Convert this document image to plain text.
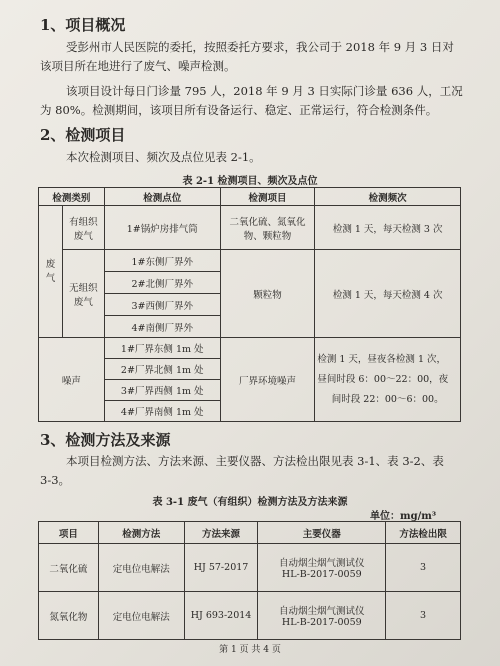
1、项目概况
受彭州市人民医院的委托，按照委托方要求，我公司于 2018 年 9 月 3 日对
该项目所在地进行了废气、噪声检测。
该项目设计每日门诊量 795 人，2018 年 9 月 3 日实际门诊量 636 人，工况
为 80%。检测期间，该项目所有设备运行、稳定、正常运行，符合检测条件。
2、检测项目
本次检测项目、频次及点位见表 2-1。
表 2-1 检测项目、频次及点位
检测类别		检测点位	检测项目	检测频次
废气	有组织废气	1#锅炉房排气筒	二氧化硫、氮氧化物、颗粒物	检测 1 天，每天检测 3 次
	无组织废气	1#东侧厂界外	颗粒物	检测 1 天，每天检测 4 次
		2#北侧厂界外		
		3#西侧厂界外		
		4#南侧厂界外		
噪声		1#厂界东侧 1m 处	厂界环境噪声	检测 1 天，昼夜各检测 1 次，
昼间时段 6：00～22：00，夜
间时段 22：00～6：00。

		2#厂界北侧 1m 处		
		3#厂界西侧 1m 处		
		4#厂界南侧 1m 处		
3、检测方法及来源
本项目检测方法、方法来源、主要仪器、方法检出限见表 3-1、表 3-2、表
3-3。
表 3-1 废气（有组织）检测方法及方法来源
单位：mg/m³
项目	检测方法	方法来源	主要仪器	方法检出限
二氧化硫	定电位电解法	HJ 57-2017	自动烟尘烟气测试仪
HL-B-2017-0059	3
氮氧化物	定电位电解法	HJ 693-2014	自动烟尘烟气测试仪
HL-B-2017-0059	3
第 1 页 共 4 页
